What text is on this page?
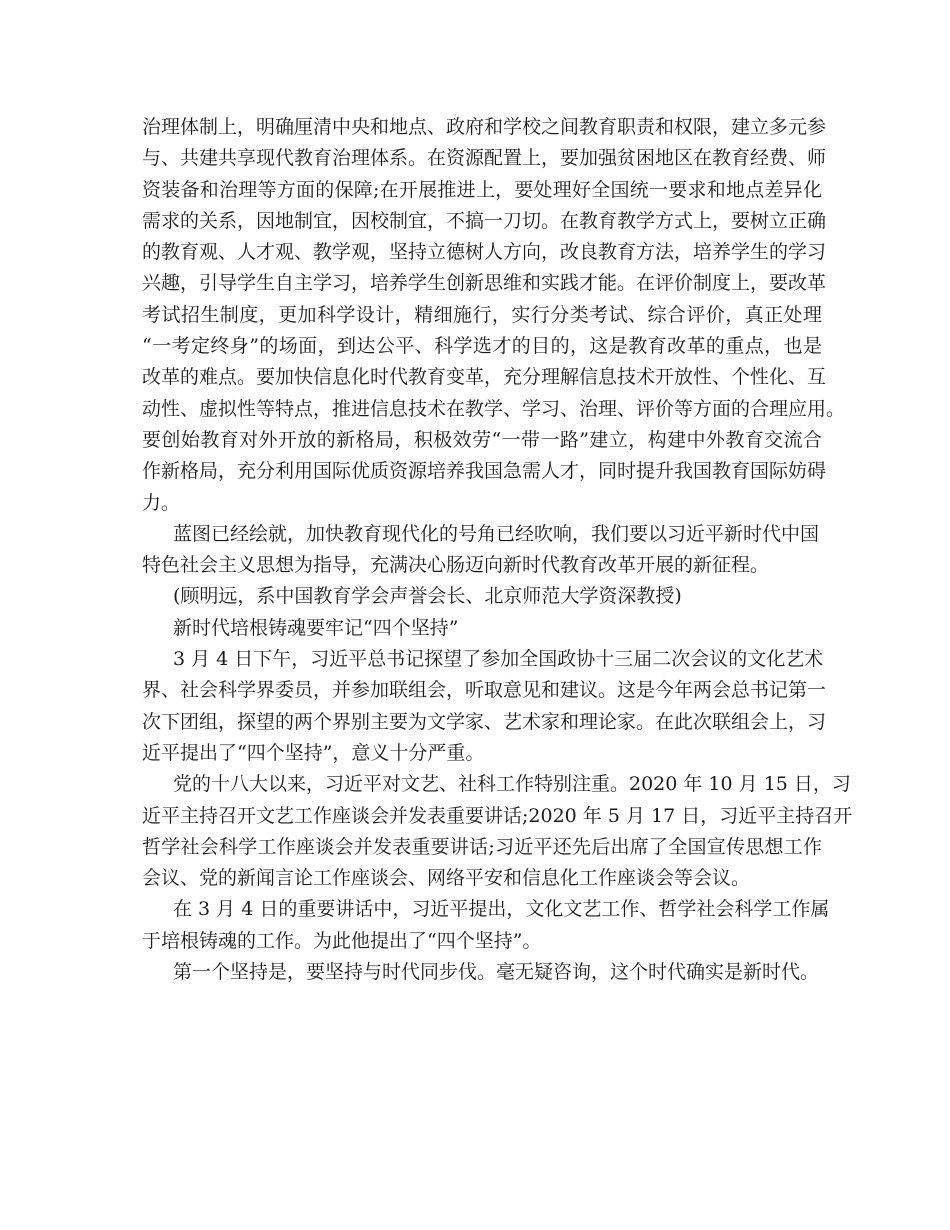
治理体制上，明确厘清中央和地点、政府和学校之间教育职责和权限，建立多元参
与、共建共享现代教育治理体系。在资源配置上，要加强贫困地区在教育经费、师
资装备和治理等方面的保障;在开展推进上，要处理好全国统一要求和地点差异化
需求的关系，因地制宜，因校制宜，不搞一刀切。在教育教学方式上，要树立正确
的教育观、人才观、教学观，坚持立德树人方向，改良教育方法，培养学生的学习
兴趣，引导学生自主学习，培养学生创新思维和实践才能。在评价制度上，要改革
考试招生制度，更加科学设计，精细施行，实行分类考试、综合评价，真正处理
“一考定终身”的场面，到达公平、科学选才的目的，这是教育改革的重点，也是
改革的难点。要加快信息化时代教育变革，充分理解信息技术开放性、个性化、互
动性、虚拟性等特点，推进信息技术在教学、学习、治理、评价等方面的合理应用。
要创始教育对外开放的新格局，积极效劳“一带一路”建立，构建中外教育交流合
作新格局，充分利用国际优质资源培养我国急需人才，同时提升我国教育国际妨碍
力。
蓝图已经绘就，加快教育现代化的号角已经吹响，我们要以习近平新时代中国
特色社会主义思想为指导，充满决心肠迈向新时代教育改革开展的新征程。
(顾明远，系中国教育学会声誉会长、北京师范大学资深教授)
新时代培根铸魂要牢记“四个坚持”
3 月 4 日下午，习近平总书记探望了参加全国政协十三届二次会议的文化艺术
界、社会科学界委员，并参加联组会，听取意见和建议。这是今年两会总书记第一
次下团组，探望的两个界别主要为文学家、艺术家和理论家。在此次联组会上，习
近平提出了“四个坚持”，意义十分严重。
党的十八大以来，习近平对文艺、社科工作特别注重。2020 年 10 月 15 日，习
近平主持召开文艺工作座谈会并发表重要讲话;2020 年 5 月 17 日，习近平主持召开
哲学社会科学工作座谈会并发表重要讲话;习近平还先后出席了全国宣传思想工作
会议、党的新闻言论工作座谈会、网络平安和信息化工作座谈会等会议。
在 3 月 4 日的重要讲话中，习近平提出，文化文艺工作、哲学社会科学工作属
于培根铸魂的工作。为此他提出了“四个坚持”。
第一个坚持是，要坚持与时代同步伐。毫无疑咨询，这个时代确实是新时代。
